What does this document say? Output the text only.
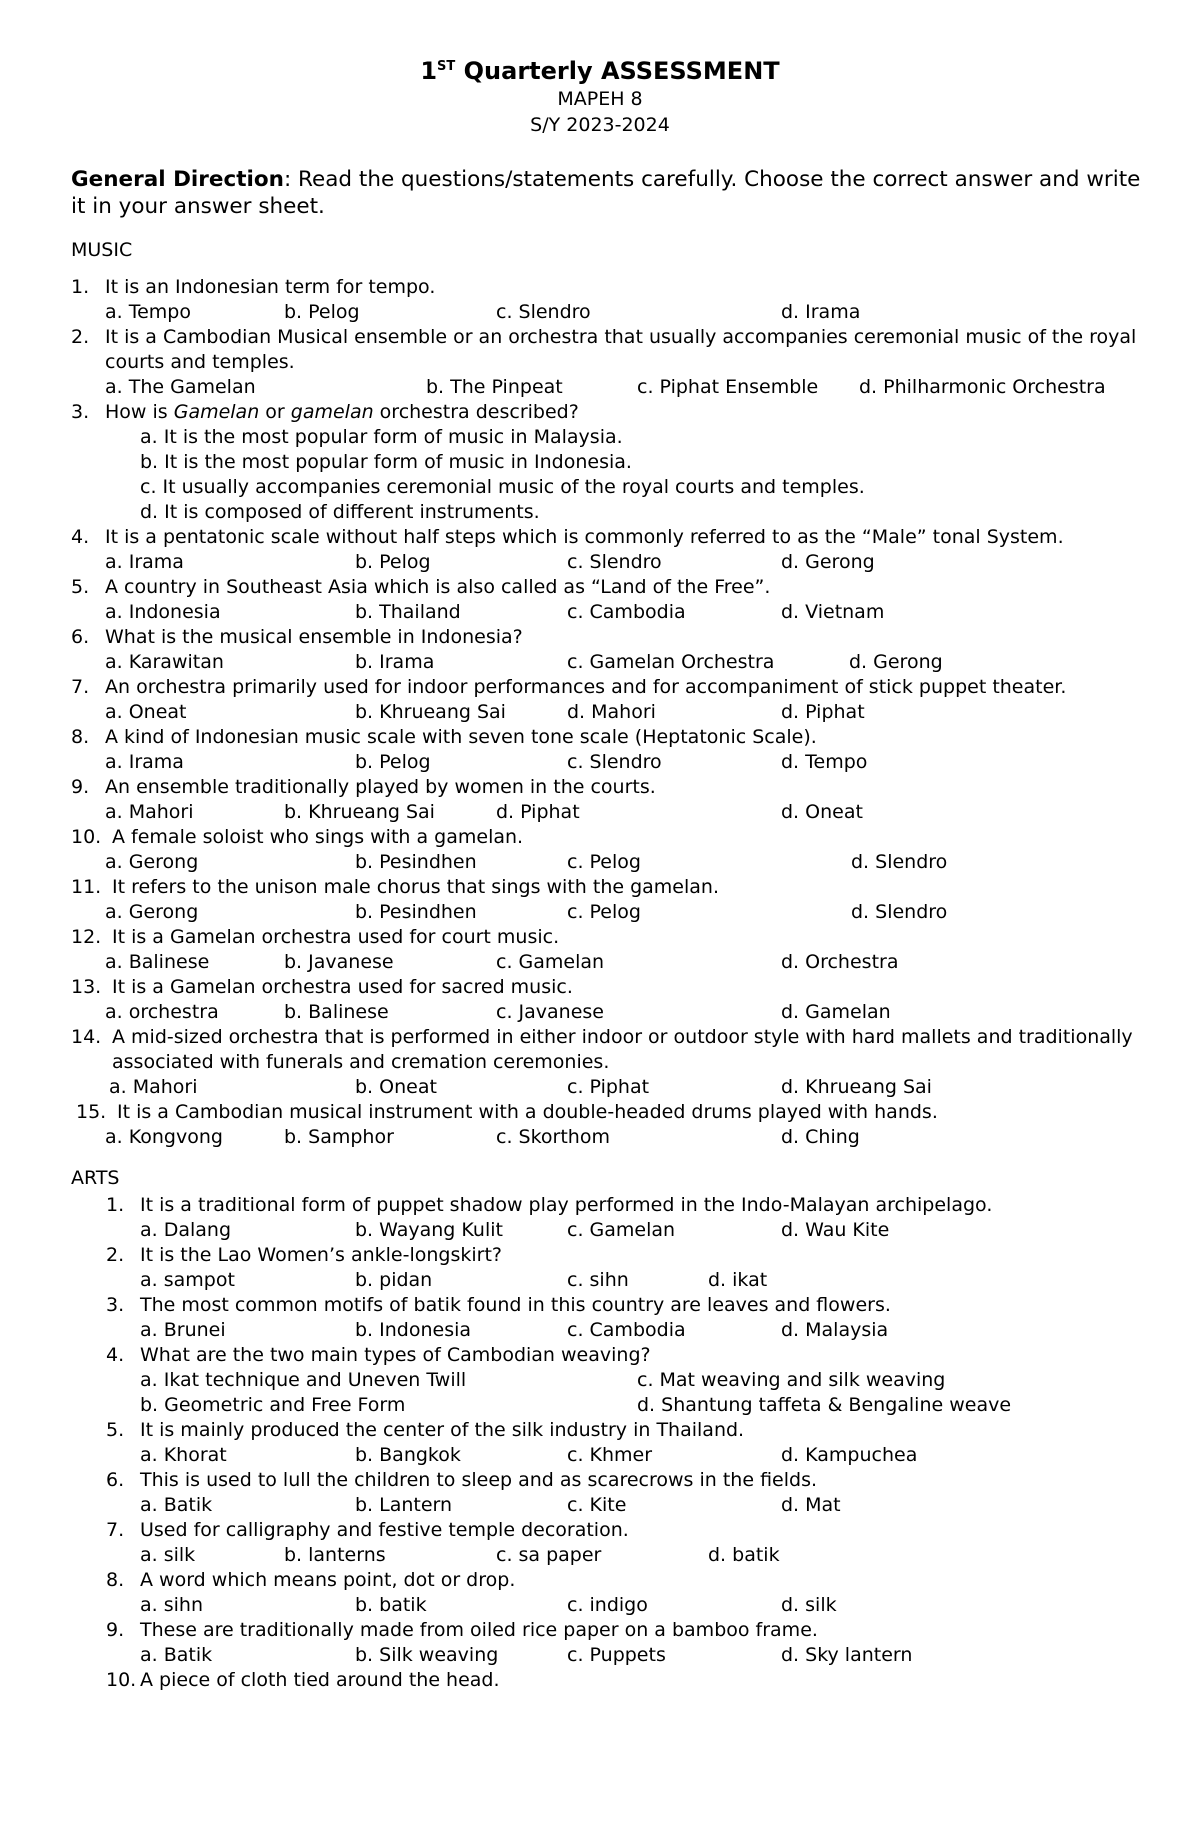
1ST Quarterly ASSESSMENT
MAPEH 8
S/Y 2023-2024
General Direction: Read the questions/statements carefully. Choose the correct answer and write it in your answer sheet.
MUSIC
1. It is an Indonesian term for tempo.
a. Tempo	b. Pelog	c. Slendro	d. Irama
2. It is a Cambodian Musical ensemble or an orchestra that usually accompanies ceremonial music of the royal courts and temples.
a. The Gamelan	b. The Pinpeat	c. Piphat Ensemble d. Philharmonic Orchestra
3. How is Gamelan or gamelan orchestra described?
a. It is the most popular form of music in Malaysia.
b. It is the most popular form of music in Indonesia.
c. It usually accompanies ceremonial music of the royal courts and temples.
d. It is composed of different instruments.
4. It is a pentatonic scale without half steps which is commonly referred to as the “Male” tonal System.
a. Irama	b. Pelog	c. Slendro	d. Gerong
5. A country in Southeast Asia which is also called as “Land of the Free”.
a. Indonesia	b. Thailand	c. Cambodia	d. Vietnam
6. What is the musical ensemble in Indonesia?
a. Karawitan	b. Irama	c. Gamelan Orchestra	d. Gerong
7. An orchestra primarily used for indoor performances and for accompaniment of stick puppet theater.
a. Oneat	b. Khrueang Sai	d. Mahori	d. Piphat
8. A kind of Indonesian music scale with seven tone scale (Heptatonic Scale).
a. Irama	b. Pelog	c. Slendro	d. Tempo
9. An ensemble traditionally played by women in the courts.
a. Mahori	b. Khrueang Sai	d. Piphat	d. Oneat
10. A female soloist who sings with a gamelan.
a. Gerong	b. Pesindhen	c. Pelog	d. Slendro
11. It refers to the unison male chorus that sings with the gamelan.
a. Gerong	b. Pesindhen	c. Pelog	d. Slendro
12. It is a Gamelan orchestra used for court music.
a. Balinese	b. Javanese	c. Gamelan	d. Orchestra
13. It is a Gamelan orchestra used for sacred music.
a. orchestra	b. Balinese	c. Javanese	d. Gamelan
14. A mid-sized orchestra that is performed in either indoor or outdoor style with hard mallets and traditionally associated with funerals and cremation ceremonies.
a. Mahori	b. Oneat	c. Piphat	d. Khrueang Sai
15. It is a Cambodian musical instrument with a double-headed drums played with hands.
a. Kongvong	b. Samphor	c. Skorthom	d. Ching
ARTS
1. It is a traditional form of puppet shadow play performed in the Indo-Malayan archipelago.
a. Dalang	b. Wayang Kulit	c. Gamelan	d. Wau Kite
2. It is the Lao Women’s ankle-longskirt?
a. sampot	b. pidan	c. sihn	d. ikat
3. The most common motifs of batik found in this country are leaves and flowers.
a. Brunei	b. Indonesia	c. Cambodia	d. Malaysia
4. What are the two main types of Cambodian weaving?
a. Ikat technique and Uneven Twill	c. Mat weaving and silk weaving
b. Geometric and Free Form	d. Shantung taffeta & Bengaline weave
5. It is mainly produced the center of the silk industry in Thailand.
a. Khorat	b. Bangkok	c. Khmer	d. Kampuchea
6. This is used to lull the children to sleep and as scarecrows in the fields.
a. Batik	b. Lantern	c. Kite	d. Mat
7. Used for calligraphy and festive temple decoration.
a. silk	b. lanterns	c. sa paper	d. batik
8. A word which means point, dot or drop.
a. sihn	b. batik	c. indigo	d. silk
9. These are traditionally made from oiled rice paper on a bamboo frame.
a. Batik	b. Silk weaving	c. Puppets	d. Sky lantern
10. A piece of cloth tied around the head.
